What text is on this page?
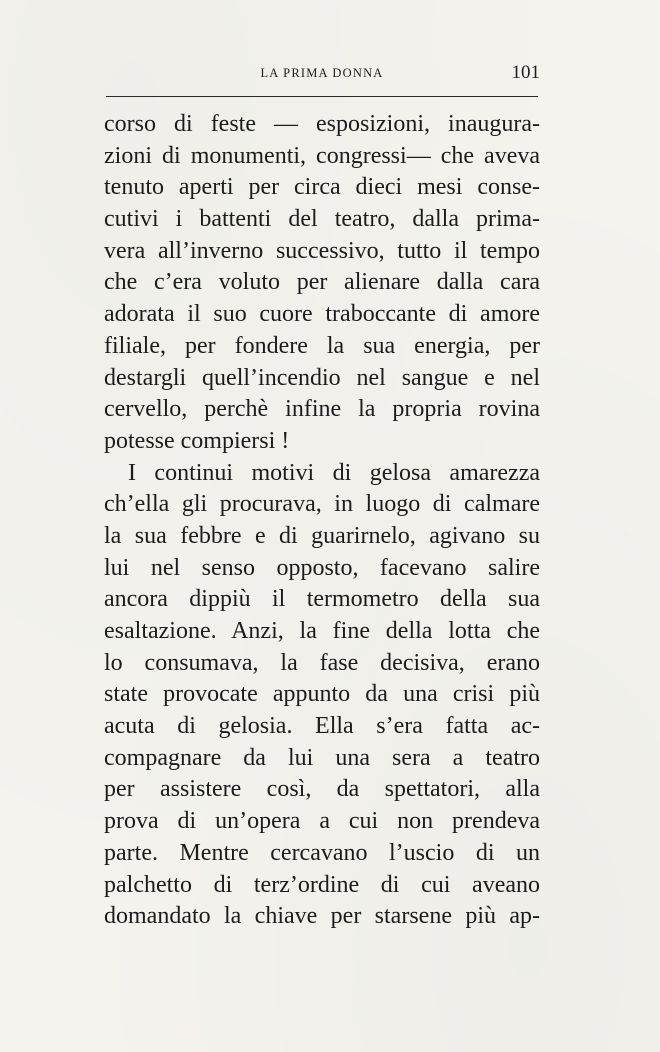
LA PRIMA DONNA	101
corso di feste — esposizioni, inaugura-
zioni di monumenti, congressi— che aveva
tenuto aperti per circa dieci mesi conse-
cutivi i battenti del teatro, dalla prima-
vera all’inverno successivo, tutto il tempo
che c’era voluto per alienare dalla cara
adorata il suo cuore traboccante di amore
filiale, per fondere la sua energia, per
destargli quell’incendio nel sangue e nel
cervello, perchè infine la propria rovina
potesse compiersi !
I continui motivi di gelosa amarezza
ch’ella gli procurava, in luogo di calmare
la sua febbre e di guarirnelo, agivano su
lui nel senso opposto, facevano salire
ancora dippiù il termometro della sua
esaltazione. Anzi, la fine della lotta che
lo consumava, la fase decisiva, erano
state provocate appunto da una crisi più
acuta di gelosia. Ella s’era fatta ac-
compagnare da lui una sera a teatro
per assistere così, da spettatori, alla
prova di un’opera a cui non prendeva
parte. Mentre cercavano l’uscio di un
palchetto di terz’ordine di cui aveano
domandato la chiave per starsene più ap-
